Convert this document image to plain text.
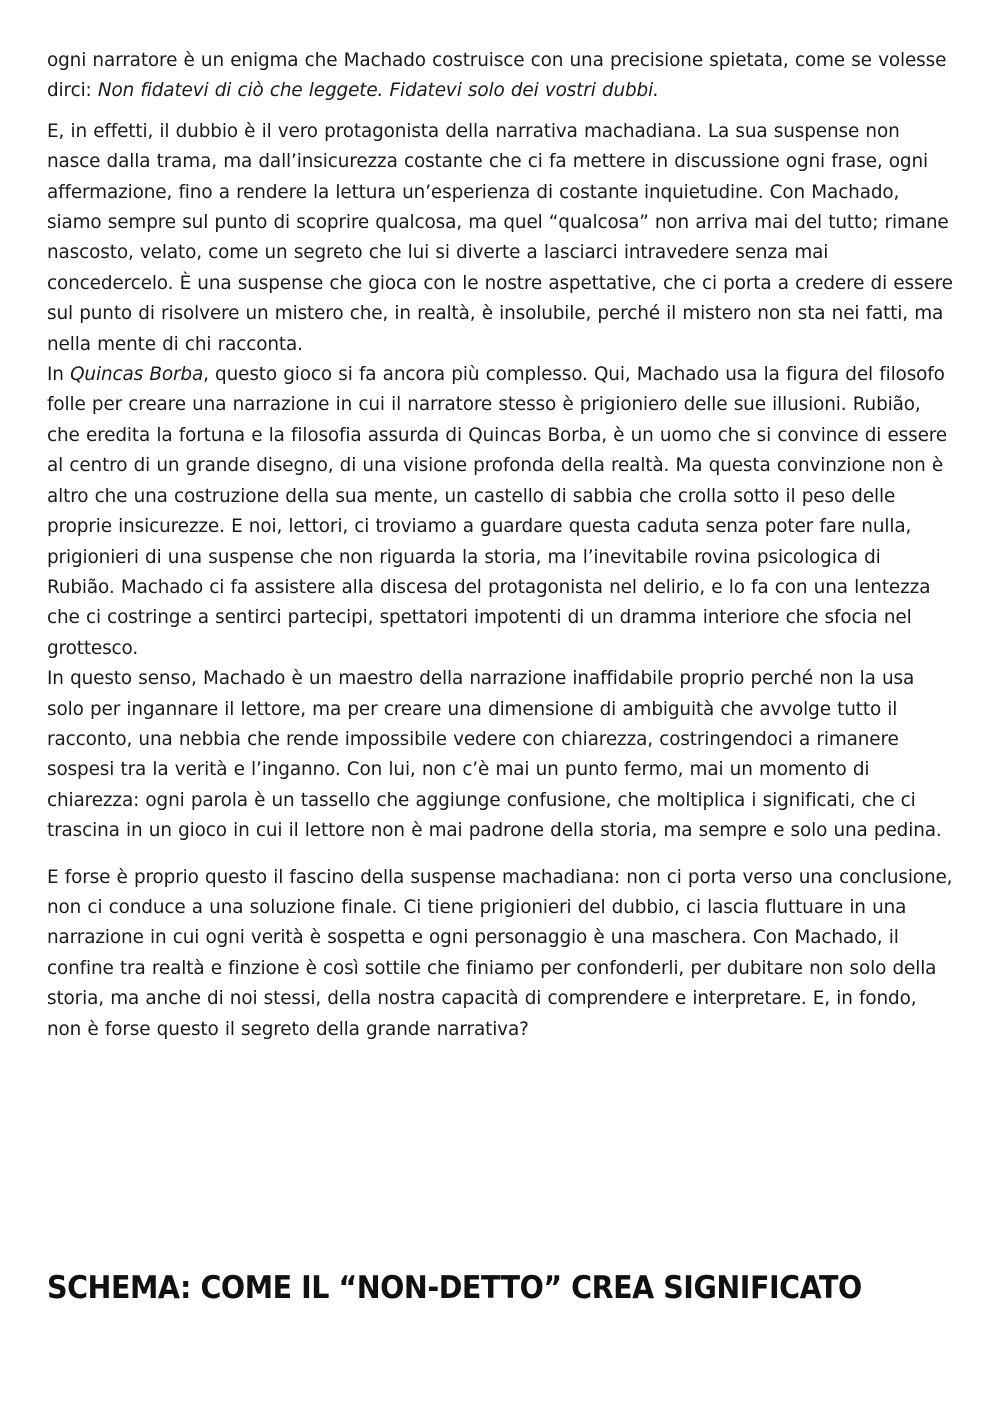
ogni narratore è un enigma che Machado costruisce con una precisione spietata, come se volesse dirci: Non fidatevi di ciò che leggete. Fidatevi solo dei vostri dubbi.

E, in effetti, il dubbio è il vero protagonista della narrativa machadiana. La sua suspense non nasce dalla trama, ma dall’insicurezza costante che ci fa mettere in discussione ogni frase, ogni affermazione, fino a rendere la lettura un’esperienza di costante inquietudine. Con Machado, siamo sempre sul punto di scoprire qualcosa, ma quel “qualcosa” non arriva mai del tutto; rimane nascosto, velato, come un segreto che lui si diverte a lasciarci intravedere senza mai concedercelo. È una suspense che gioca con le nostre aspettative, che ci porta a credere di essere sul punto di risolvere un mistero che, in realtà, è insolubile, perché il mistero non sta nei fatti, ma nella mente di chi racconta.

In Quincas Borba, questo gioco si fa ancora più complesso. Qui, Machado usa la figura del filosofo folle per creare una narrazione in cui il narratore stesso è prigioniero delle sue illusioni. Rubião, che eredita la fortuna e la filosofia assurda di Quincas Borba, è un uomo che si convince di essere al centro di un grande disegno, di una visione profonda della realtà. Ma questa convinzione non è altro che una costruzione della sua mente, un castello di sabbia che crolla sotto il peso delle proprie insicurezze. E noi, lettori, ci troviamo a guardare questa caduta senza poter fare nulla, prigionieri di una suspense che non riguarda la storia, ma l’inevitabile rovina psicologica di Rubião. Machado ci fa assistere alla discesa del protagonista nel delirio, e lo fa con una lentezza che ci costringe a sentirci partecipi, spettatori impotenti di un dramma interiore che sfocia nel grottesco.

In questo senso, Machado è un maestro della narrazione inaffidabile proprio perché non la usa solo per ingannare il lettore, ma per creare una dimensione di ambiguità che avvolge tutto il racconto, una nebbia che rende impossibile vedere con chiarezza, costringendoci a rimanere sospesi tra la verità e l’inganno. Con lui, non c’è mai un punto fermo, mai un momento di chiarezza: ogni parola è un tassello che aggiunge confusione, che moltiplica i significati, che ci trascina in un gioco in cui il lettore non è mai padrone della storia, ma sempre e solo una pedina.

E forse è proprio questo il fascino della suspense machadiana: non ci porta verso una conclusione, non ci conduce a una soluzione finale. Ci tiene prigionieri del dubbio, ci lascia fluttuare in una narrazione in cui ogni verità è sospetta e ogni personaggio è una maschera. Con Machado, il confine tra realtà e finzione è così sottile che finiamo per confonderli, per dubitare non solo della storia, ma anche di noi stessi, della nostra capacità di comprendere e interpretare. E, in fondo, non è forse questo il segreto della grande narrativa?

SCHEMA: COME IL “NON-DETTO” CREA SIGNIFICATO
